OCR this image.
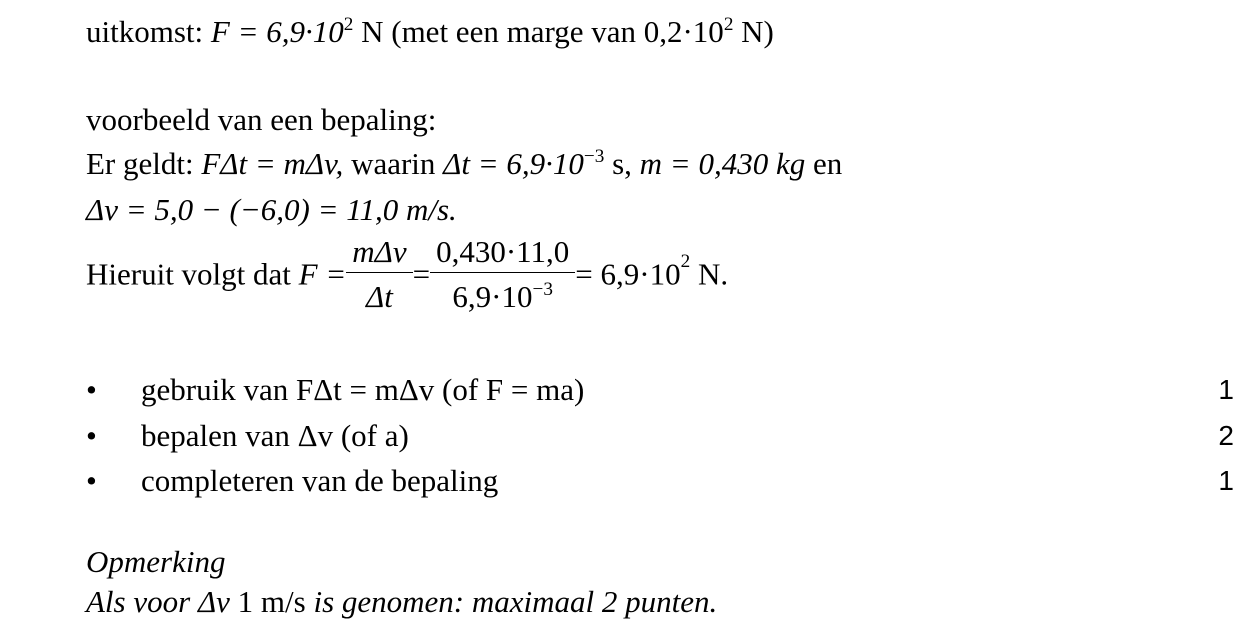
uitkomst: $F = 6,9\cdot 10^2$ N (met een marge van $0,2\cdot 10^2$ N)
voorbeeld van een bepaling:
Er geldt: FΔt = mΔv, waarin $\Delta t = 6,9\cdot 10^{-3}$ s, m = 0,430 kg en
Δv = 5,0 − (−6,0) = 11,0 m/s.
Hieruit volgt dat $F = \frac{\text{mΔv}}{\Delta t} = \frac{0,430\cdot 11,0}{6,9\cdot 10^{-3}} = 6,9\cdot 10^2$ N.
• gebruik van FΔt = mΔv (of F = ma)	1
• bepalen van Δv (of a)	2
• completeren van de bepaling	1
Opmerking
Als voor Δv 1 m/s is genomen: maximaal 2 punten.
